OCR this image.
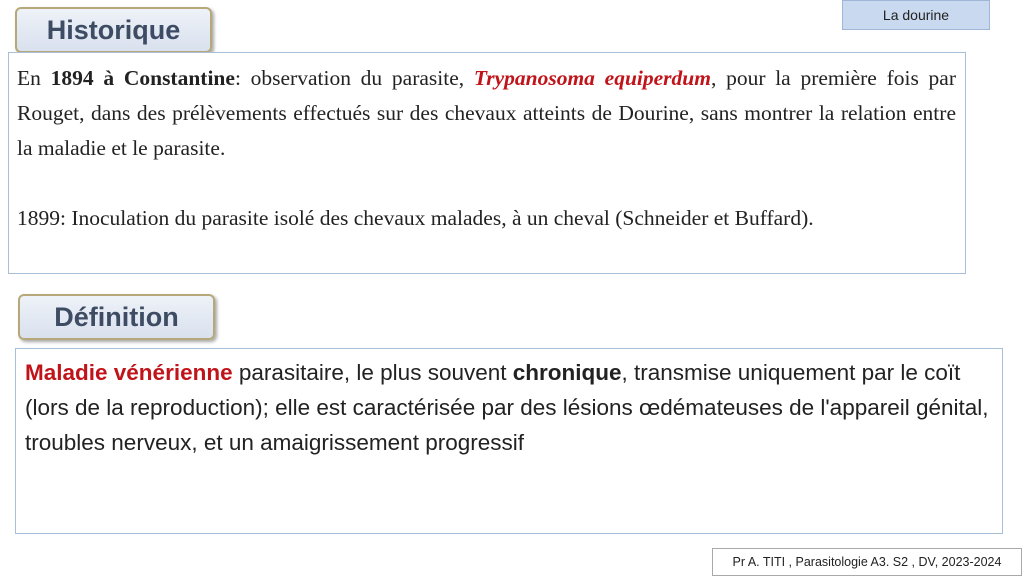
La dourine
Historique

En 1894 à Constantine: observation du parasite, Trypanosoma equiperdum, pour la première fois par Rouget, dans des prélèvements effectués sur des chevaux atteints de Dourine, sans montrer la relation entre la maladie et le parasite.

1899: Inoculation du parasite isolé des chevaux malades, à un cheval (Schneider et Buffard).

Définition

Maladie vénérienne parasitaire, le plus souvent chronique, transmise uniquement par le coït (lors de la reproduction); elle est caractérisée par des lésions œdémateuses de l'appareil génital, troubles nerveux, et un amaigrissement progressif

Pr A. TITI , Parasitologie A3. S2 , DV, 2023-2024
